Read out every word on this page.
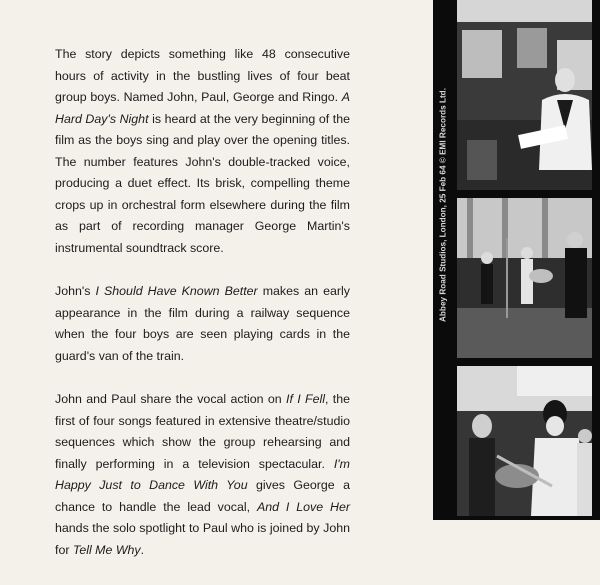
The story depicts something like 48 consecutive hours of activity in the bustling lives of four beat group boys. Named John, Paul, George and Ringo. A Hard Day's Night is heard at the very beginning of the film as the boys sing and play over the opening titles. The number features John's double-tracked voice, producing a duet effect. Its brisk, compelling theme crops up in orchestral form elsewhere during the film as part of recording manager George Martin's instrumental soundtrack score.

John's I Should Have Known Better makes an early appearance in the film during a railway sequence when the four boys are seen playing cards in the guard's van of the train.

John and Paul share the vocal action on If I Fell, the first of four songs featured in extensive theatre/studio sequences which show the group rehearsing and finally performing in a television spectacular. I'm Happy Just to Dance With You gives George a chance to handle the lead vocal, And I Love Her hands the solo spotlight to Paul who is joined by John for Tell Me Why.

Abbey Road Studios, London, 25 Feb 64 © EMI Records Ltd.
